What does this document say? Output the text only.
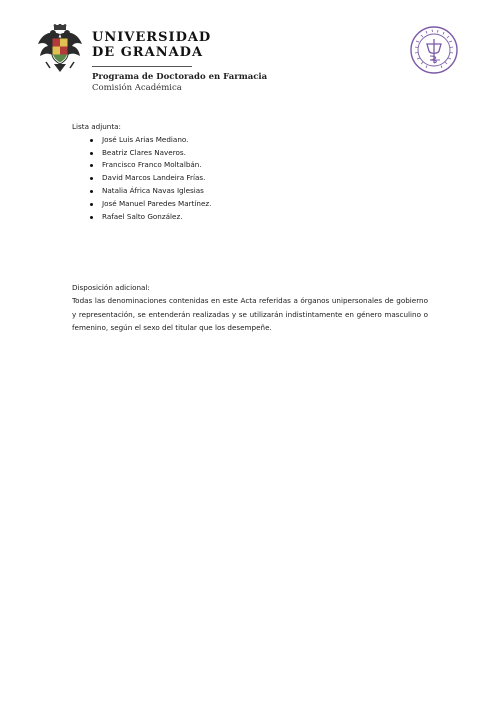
UNIVERSIDAD
DE GRANADA
Programa de Doctorado en Farmacia
Comisión Académica

Lista adjunta:

José Luis Arias Mediano.
Beatriz Clares Naveros.
Francisco Franco Moltalbán.
David Marcos Landeira Frías.
Natalia África Navas Iglesias
José Manuel Paredes Martínez.
Rafael Salto González.

Disposición adicional:

Todas las denominaciones contenidas en este Acta referidas a órganos unipersonales de gobierno y representación, se entenderán realizadas y se utilizarán indistintamente en género masculino o femenino, según el sexo del titular que los desempeñe.
